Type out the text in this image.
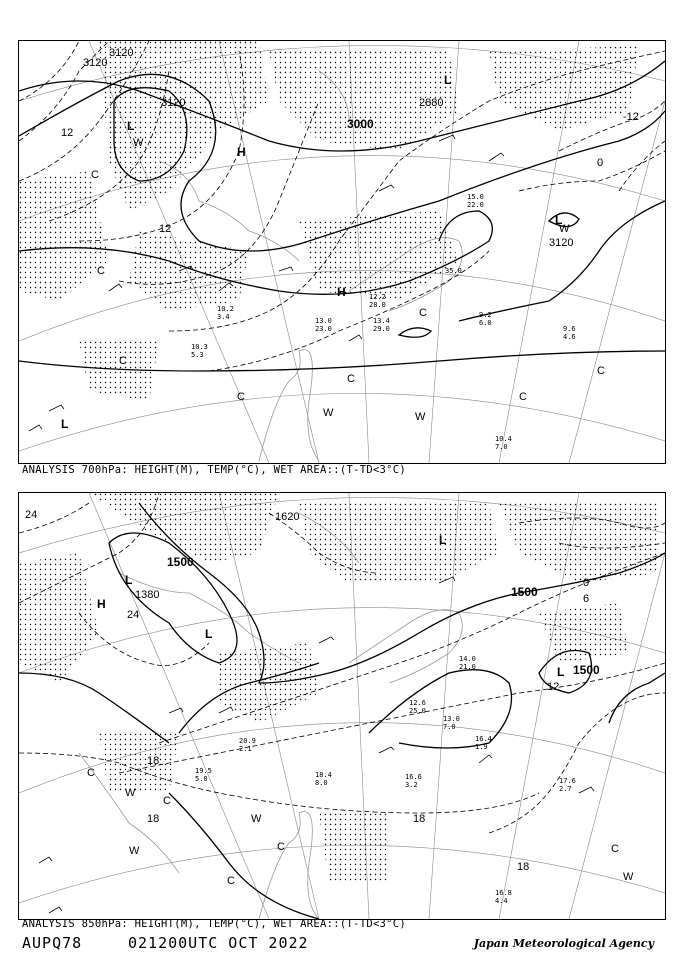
3120
3120
3120
3000
2880
3120
12
12
-12
0
L
L
L
L
H
H
C
C
C
C
C
C
C
C
W
W	W
W
10.3
5.3
12.2
28.0
13.4
29.0
9.2
6.0
9.6
4.6
10.4
7.0
13.0
23.0
10.2
3.4
35.0
15.0
22.0
ANALYSIS 700hPa: HEIGHT(M), TEMP(°C), WET AREA::(T-TD<3°C)
1500
1500
1500
1380
1620
24
24
18
18	18
18
0
12
6
L
L
L
L
H
C
C
C
C
C
W
W
W
W
16.4
1.9
17.6
2.7
16.8
4.4
19.5
5.0	18.4
8.0
14.0
21.0
13.0
7.0
16.6
3.2
20.9
2.1
12.6
25.0
ANALYSIS 850hPa: HEIGHT(M), TEMP(°C), WET AREA::(T-TD<3°C)
AUPQ78	021200UTC OCT 2022	Japan Meteorological Agency
